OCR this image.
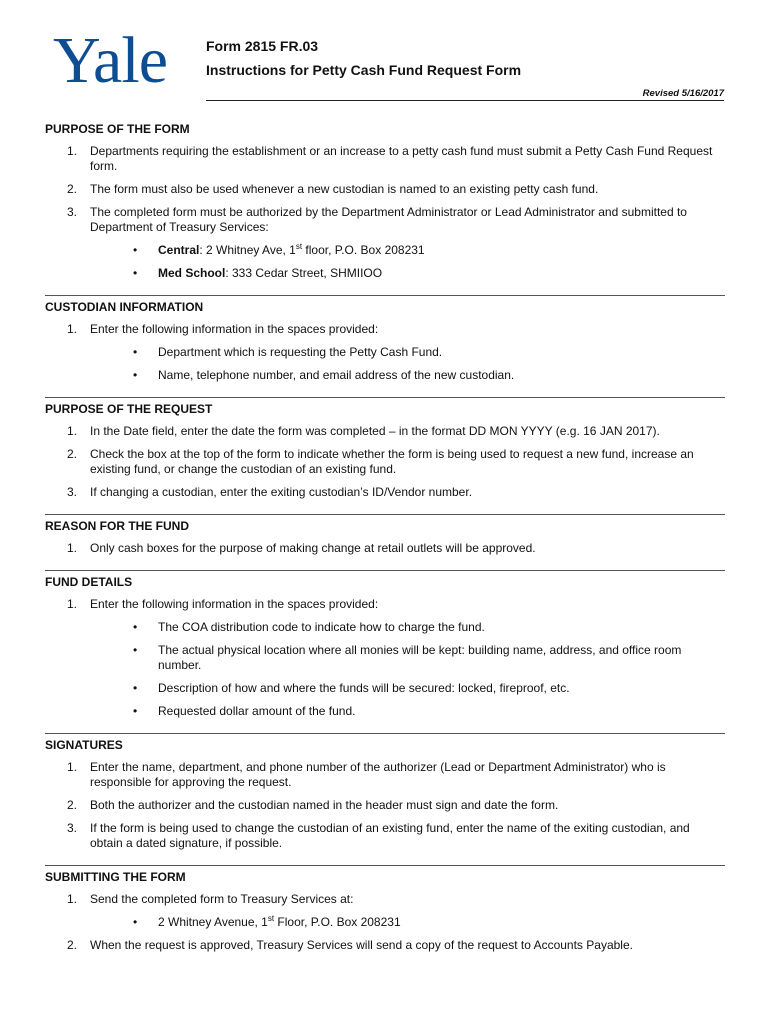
Yale	Form 2815 FR.03
Instructions for Petty Cash Fund Request Form
Revised 5/16/2017
PURPOSE OF THE FORM
1. Departments requiring the establishment or an increase to a petty cash fund must submit a Petty Cash Fund Request form.
2. The form must also be used whenever a new custodian is named to an existing petty cash fund.
3. The completed form must be authorized by the Department Administrator or Lead Administrator and submitted to Department of Treasury Services:
• Central: 2 Whitney Ave, 1st floor, P.O. Box 208231
• Med School: 333 Cedar Street, SHMIIOO
CUSTODIAN INFORMATION
1. Enter the following information in the spaces provided:
• Department which is requesting the Petty Cash Fund.
• Name, telephone number, and email address of the new custodian.
PURPOSE OF THE REQUEST
1. In the Date field, enter the date the form was completed – in the format DD MON YYYY (e.g. 16 JAN 2017).
2. Check the box at the top of the form to indicate whether the form is being used to request a new fund, increase an existing fund, or change the custodian of an existing fund.
3. If changing a custodian, enter the exiting custodian’s ID/Vendor number.
REASON FOR THE FUND
1. Only cash boxes for the purpose of making change at retail outlets will be approved.
FUND DETAILS
1. Enter the following information in the spaces provided:
• The COA distribution code to indicate how to charge the fund.
• The actual physical location where all monies will be kept: building name, address, and office room number.
• Description of how and where the funds will be secured: locked, fireproof, etc.
• Requested dollar amount of the fund.
SIGNATURES
1. Enter the name, department, and phone number of the authorizer (Lead or Department Administrator) who is responsible for approving the request.
2. Both the authorizer and the custodian named in the header must sign and date the form.
3. If the form is being used to change the custodian of an existing fund, enter the name of the exiting custodian, and obtain a dated signature, if possible.
SUBMITTING THE FORM
1. Send the completed form to Treasury Services at:
• 2 Whitney Avenue, 1st Floor, P.O. Box 208231
2. When the request is approved, Treasury Services will send a copy of the request to Accounts Payable.
